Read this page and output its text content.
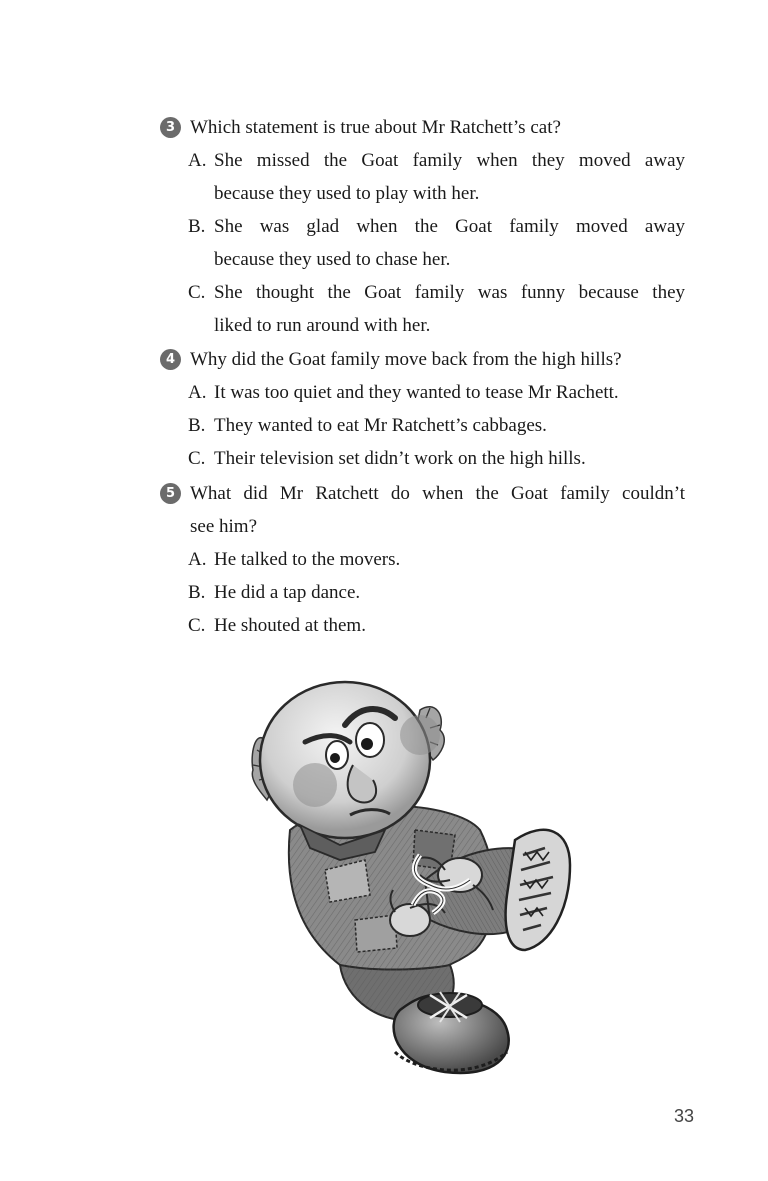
3 Which statement is true about Mr Ratchett’s cat?
A. She missed the Goat family when they moved away
because they used to play with her.
B. She was glad when the Goat family moved away
because they used to chase her.
C. She thought the Goat family was funny because they
liked to run around with her.
4 Why did the Goat family move back from the high hills?
A. It was too quiet and they wanted to tease Mr Rachett.
B. They wanted to eat Mr Ratchett’s cabbages.
C. Their television set didn’t work on the high hills.
5 What did Mr Ratchett do when the Goat family couldn’t
see him?
A. He talked to the movers.
B. He did a tap dance.
C. He shouted at them.
33
